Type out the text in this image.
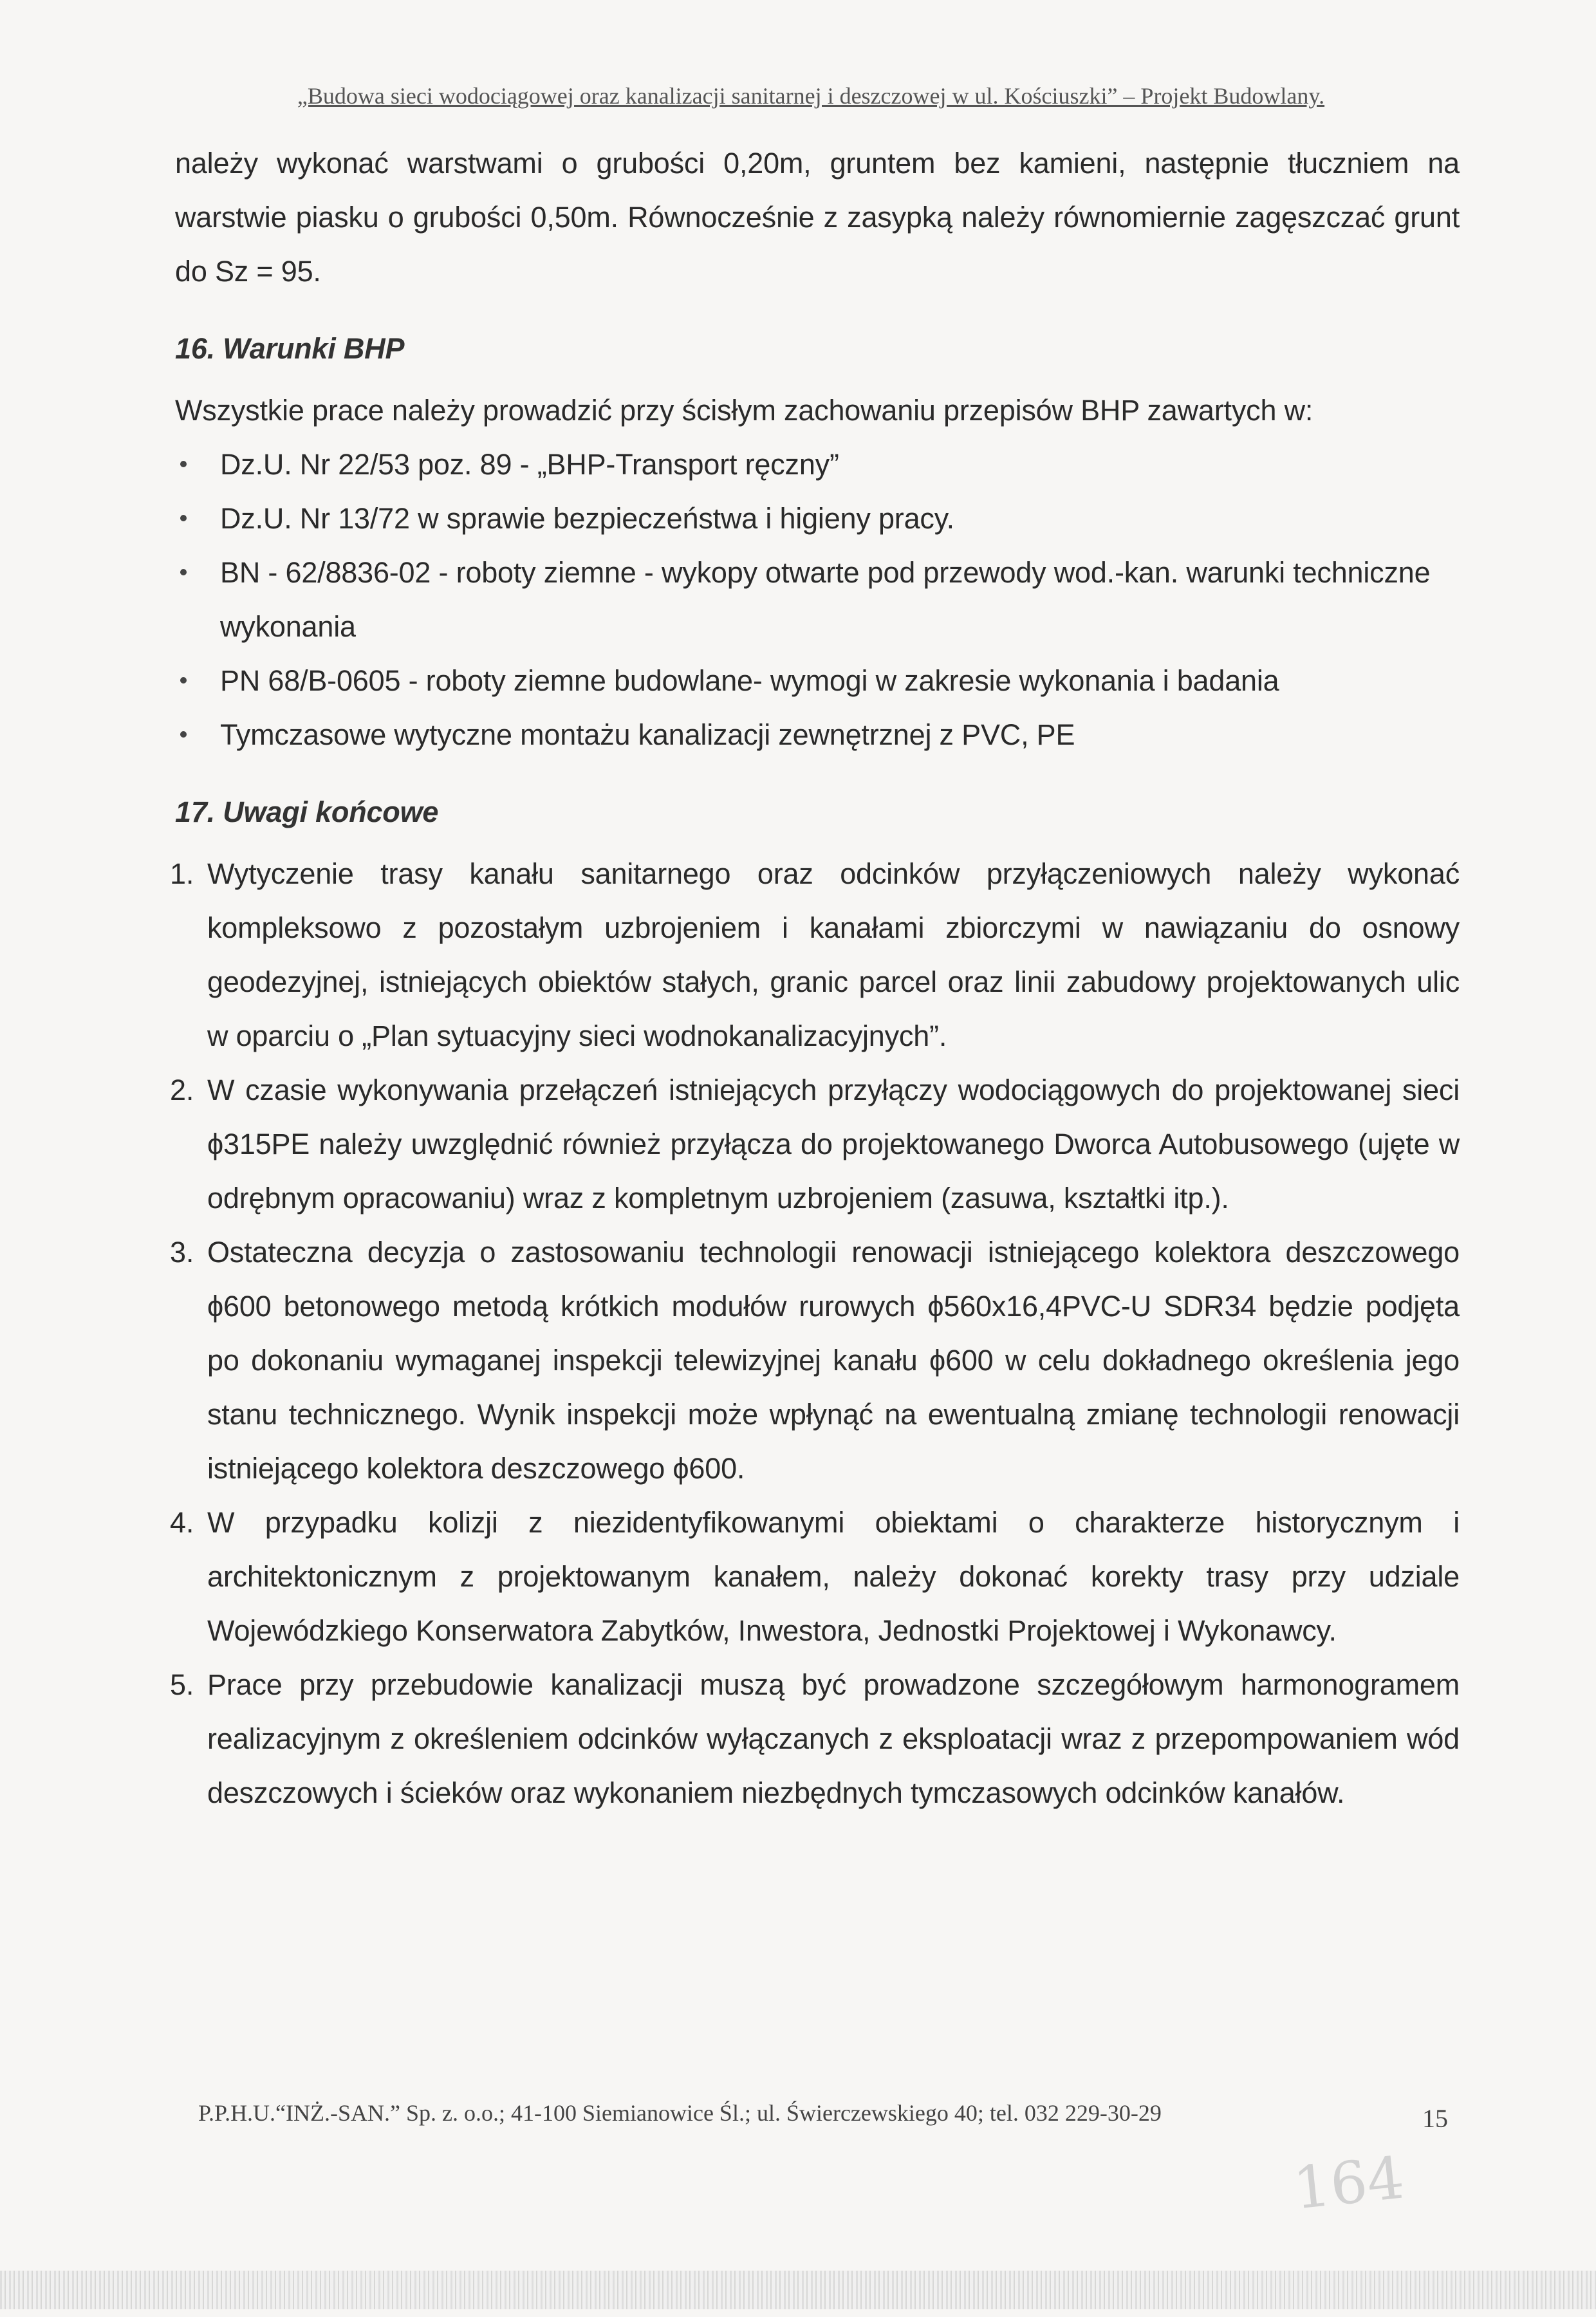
„Budowa sieci wodociągowej oraz kanalizacji sanitarnej i deszczowej w ul. Kościuszki” – Projekt Budowlany.

należy wykonać warstwami o grubości 0,20m, gruntem bez kamieni, następnie tłuczniem na warstwie piasku o grubości 0,50m. Równocześnie z zasypką należy równomiernie zagęszczać grunt do Sz = 95.

16. Warunki BHP

Wszystkie prace należy prowadzić przy ścisłym zachowaniu przepisów BHP zawartych w:

Dz.U. Nr 22/53 poz. 89 - „BHP-Transport ręczny”
Dz.U. Nr 13/72 w sprawie bezpieczeństwa i higieny pracy.
BN - 62/8836-02 - roboty ziemne - wykopy otwarte pod przewody wod.-kan. warunki techniczne wykonania
PN 68/B-0605 - roboty ziemne budowlane- wymogi w zakresie wykonania i badania
Tymczasowe wytyczne montażu kanalizacji zewnętrznej z PVC, PE
17. Uwagi końcowe
1. Wytyczenie trasy kanału sanitarnego oraz odcinków przyłączeniowych należy wykonać kompleksowo z pozostałym uzbrojeniem i kanałami zbiorczymi w nawiązaniu do osnowy geodezyjnej, istniejących obiektów stałych, granic parcel oraz linii zabudowy projektowanych ulic w oparciu o „Plan sytuacyjny sieci wodnokanalizacyjnych”.
2. W czasie wykonywania przełączeń istniejących przyłączy wodociągowych do projektowanej sieci ϕ315PE należy uwzględnić również przyłącza do projektowanego Dworca Autobusowego (ujęte w odrębnym opracowaniu) wraz z kompletnym uzbrojeniem (zasuwa, kształtki itp.).
3. Ostateczna decyzja o zastosowaniu technologii renowacji istniejącego kolektora deszczowego ϕ600 betonowego metodą krótkich modułów rurowych ϕ560x16,4PVC-U SDR34 będzie podjęta po dokonaniu wymaganej inspekcji telewizyjnej kanału ϕ600 w celu dokładnego określenia jego stanu technicznego. Wynik inspekcji może wpłynąć na ewentualną zmianę technologii renowacji istniejącego kolektora deszczowego ϕ600.
4. W przypadku kolizji z niezidentyfikowanymi obiektami o charakterze historycznym i architektonicznym z projektowanym kanałem, należy dokonać korekty trasy przy udziale Wojewódzkiego Konserwatora Zabytków, Inwestora, Jednostki Projektowej i Wykonawcy.
5. Prace przy przebudowie kanalizacji muszą być prowadzone szczegółowym harmonogramem realizacyjnym z określeniem odcinków wyłączanych z eksploatacji wraz z przepompowaniem wód deszczowych i ścieków oraz wykonaniem niezbędnych tymczasowych odcinków kanałów.
P.P.H.U.“INŻ.-SAN.” Sp. z. o.o.; 41-100 Siemianowice Śl.; ul. Świerczewskiego 40; tel. 032 229-30-29	15
164
